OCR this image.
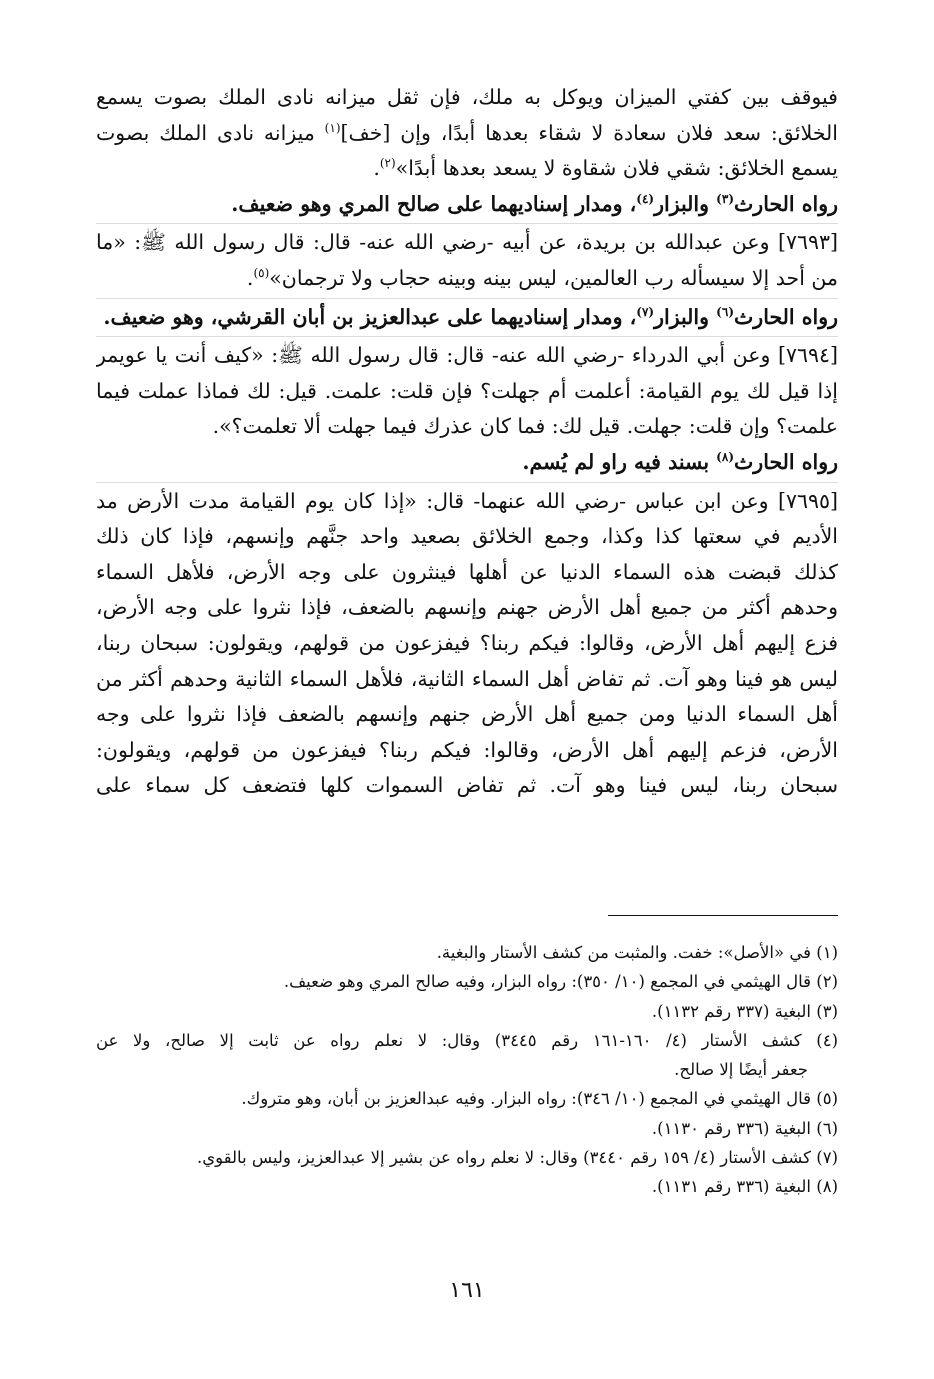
فيوقف بين كفتي الميزان ويوكل به ملك، فإن ثقل ميزانه نادى الملك بصوت يسمع
الخلائق: سعد فلان سعادة لا شقاء بعدها أبدًا، وإن [خف]$^{(١)}$ ميزانه نادى الملك بصوت
يسمع الخلائق: شقي فلان شقاوة لا يسعد بعدها أبدًا»$^{(٢)}$.
رواه الحارث$^{(٣)}$ والبزار$^{(٤)}$، ومدار إسناديهما على صالح المري وهو ضعيف.
[٧٦٩٣] وعن عبدالله بن بريدة، عن أبيه -رضي الله عنه- قال: قال رسول الله ﷺ: «ما
من أحد إلا سيسأله رب العالمين، ليس بينه وبينه حجاب ولا ترجمان»$^{(٥)}$.
رواه الحارث$^{(٦)}$ والبزار$^{(٧)}$، ومدار إسناديهما على عبدالعزيز بن أبان القرشي، وهو ضعيف.
[٧٦٩٤] وعن أبي الدرداء -رضي الله عنه- قال: قال رسول الله ﷺ: «كيف أنت يا عويمر
إذا قيل لك يوم القيامة: أعلمت أم جهلت؟ فإن قلت: علمت. قيل: لك فماذا عملت فيما
علمت؟ وإن قلت: جهلت. قيل لك: فما كان عذرك فيما جهلت ألا تعلمت؟».
رواه الحارث$^{(٨)}$ بسند فيه راو لم يُسم.
[٧٦٩٥] وعن ابن عباس -رضي الله عنهما- قال: «إذا كان يوم القيامة مدت الأرض مد
الأديم في سعتها كذا وكذا، وجمع الخلائق بصعيد واحد جنَّهم وإنسهم، فإذا كان ذلك
كذلك قبضت هذه السماء الدنيا عن أهلها فينثرون على وجه الأرض، فلأهل السماء
وحدهم أكثر من جميع أهل الأرض جهنم وإنسهم بالضعف، فإذا نثروا على وجه الأرض،
فزع إليهم أهل الأرض، وقالوا: فيكم ربنا؟ فيفزعون من قولهم، ويقولون: سبحان ربنا،
ليس هو فينا وهو آت. ثم تفاض أهل السماء الثانية، فلأهل السماء الثانية وحدهم أكثر من
أهل السماء الدنيا ومن جميع أهل الأرض جنهم وإنسهم بالضعف فإذا نثروا على وجه
الأرض، فزعم إليهم أهل الأرض، وقالوا: فيكم ربنا؟ فيفزعون من قولهم، ويقولون:
سبحان ربنا، ليس فينا وهو آت. ثم تفاض السموات كلها فتضعف كل سماء على
(١) في «الأصل»: خفت. والمثبت من كشف الأستار والبغية.
(٢) قال الهيثمي في المجمع (١٠/ ٣٥٠): رواه البزار، وفيه صالح المري وهو ضعيف.
(٣) البغية (٣٣٧ رقم ١١٣٢).
(٤) كشف الأستار (٤/ ١٦٠-١٦١ رقم ٣٤٤٥) وقال: لا نعلم رواه عن ثابت إلا صالح، ولا عن
جعفر أيضًا إلا صالح.
(٥) قال الهيثمي في المجمع (١٠/ ٣٤٦): رواه البزار. وفيه عبدالعزيز بن أبان، وهو متروك.
(٦) البغية (٣٣٦ رقم ١١٣٠).
(٧) كشف الأستار (٤/ ١٥٩ رقم ٣٤٤٠) وقال: لا نعلم رواه عن بشير إلا عبدالعزيز، وليس بالقوي.
(٨) البغية (٣٣٦ رقم ١١٣١).
١٦١
